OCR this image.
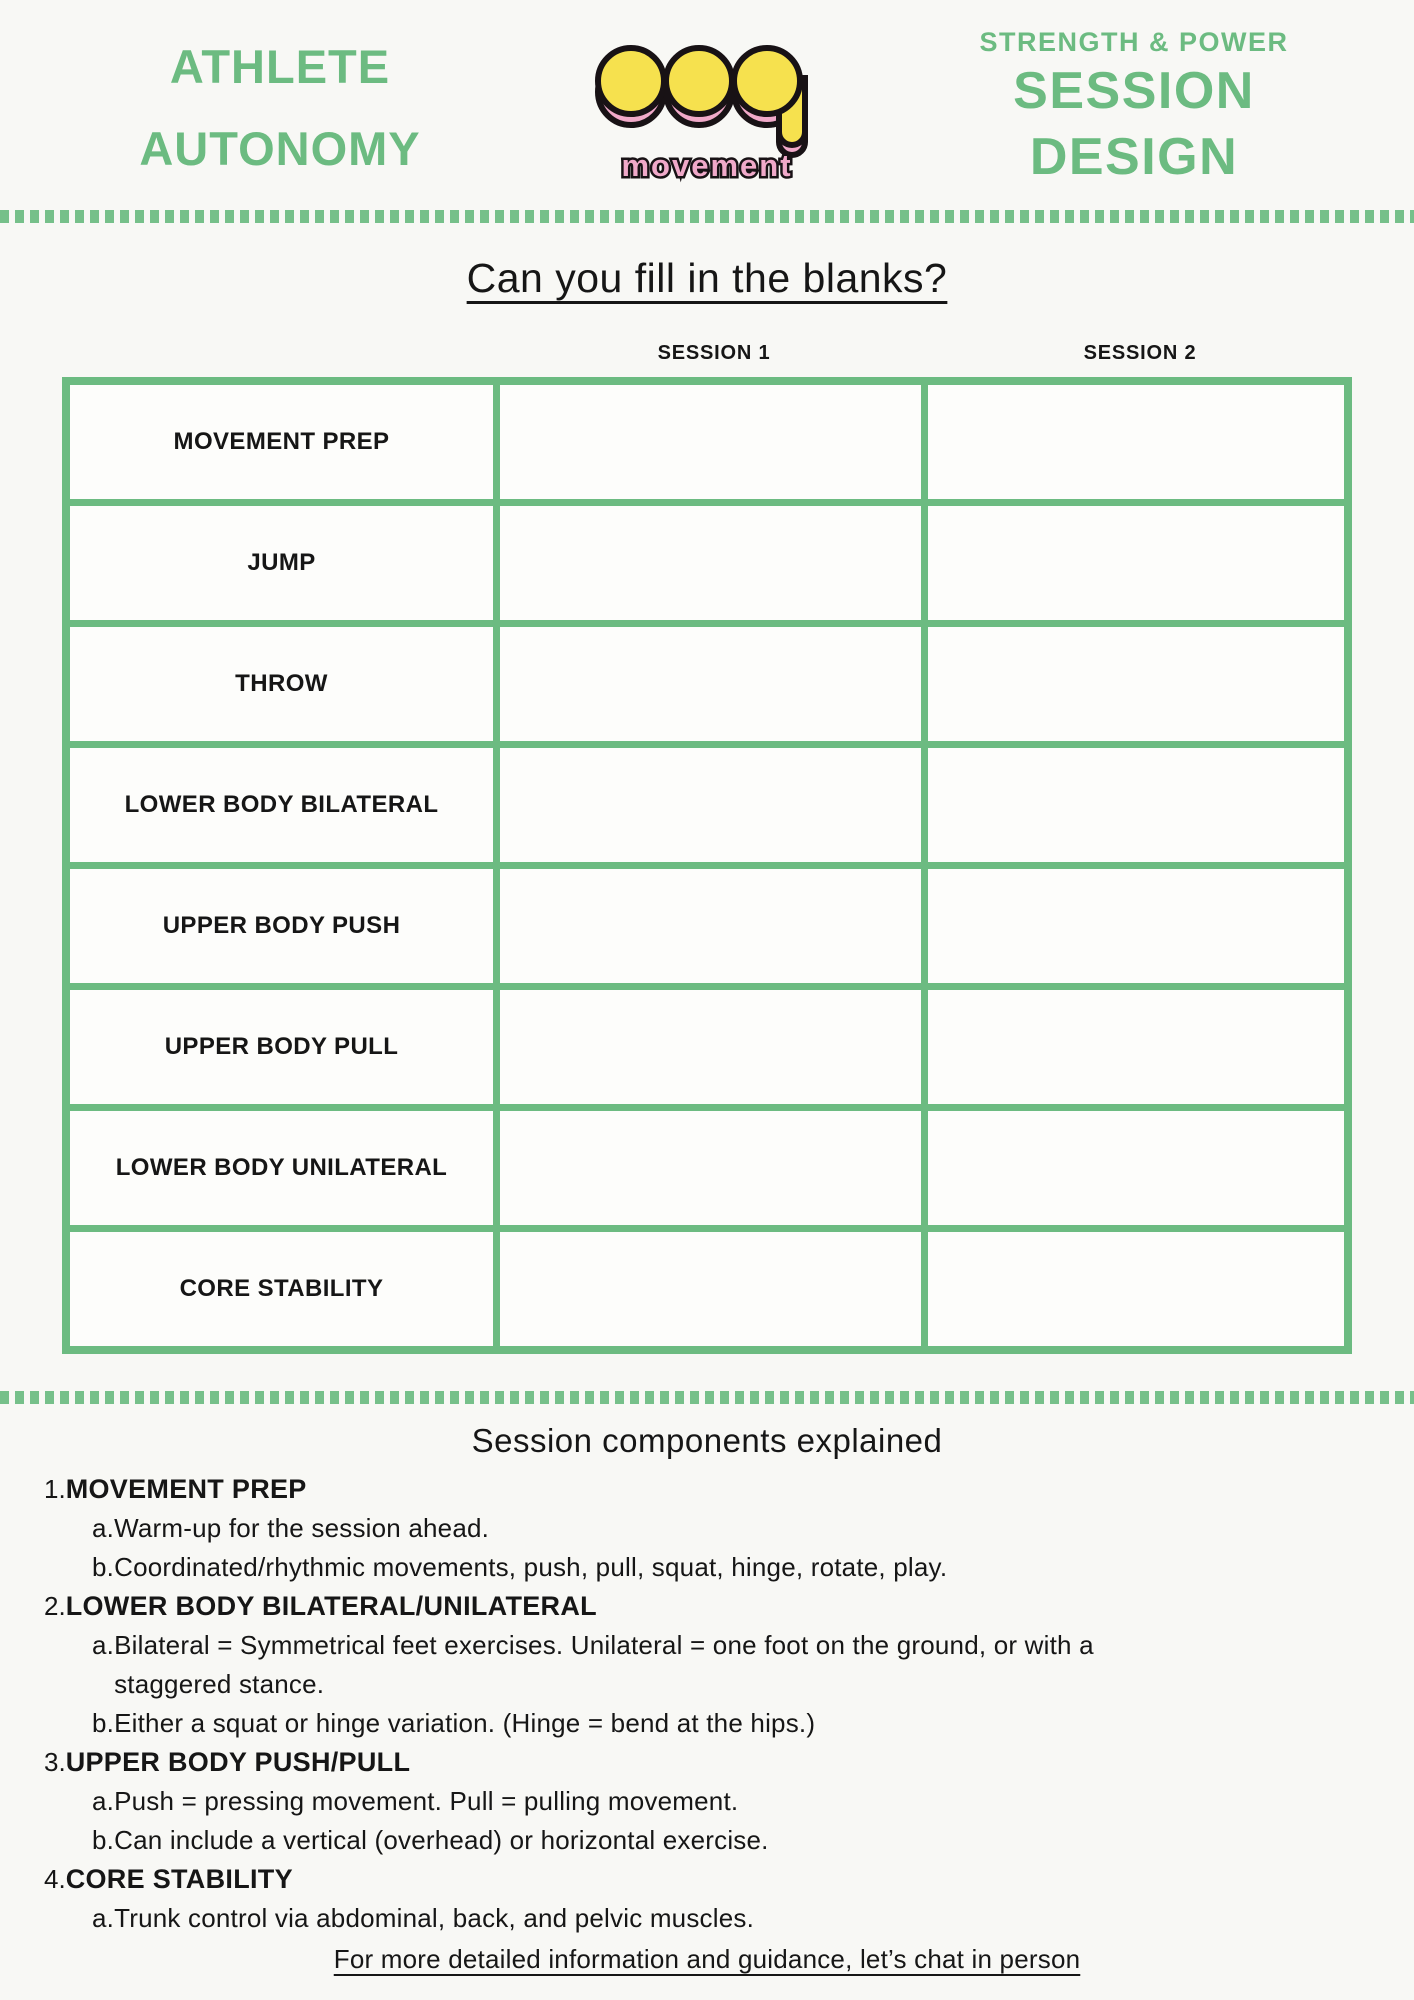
ATHLETE
AUTONOMY	movement
STRENGTH & POWER
SESSION
DESIGN
Can you fill in the blanks?
SESSION 1	SESSION 2
MOVEMENT PREP
JUMP
THROW
LOWER BODY BILATERAL
UPPER BODY PUSH
UPPER BODY PULL
LOWER BODY UNILATERAL
CORE STABILITY
Session components explained
1. MOVEMENT PREP
a. Warm-up for the session ahead.
b. Coordinated/rhythmic movements, push, pull, squat, hinge, rotate, play.
2. LOWER BODY BILATERAL/UNILATERAL
a. Bilateral = Symmetrical feet exercises. Unilateral = one foot on the ground, or with a staggered stance.
b. Either a squat or hinge variation. (Hinge = bend at the hips.)
3. UPPER BODY PUSH/PULL
a. Push = pressing movement. Pull = pulling movement.
b. Can include a vertical (overhead) or horizontal exercise.
4. CORE STABILITY
a. Trunk control via abdominal, back, and pelvic muscles.
For more detailed information and guidance, let’s chat in person
